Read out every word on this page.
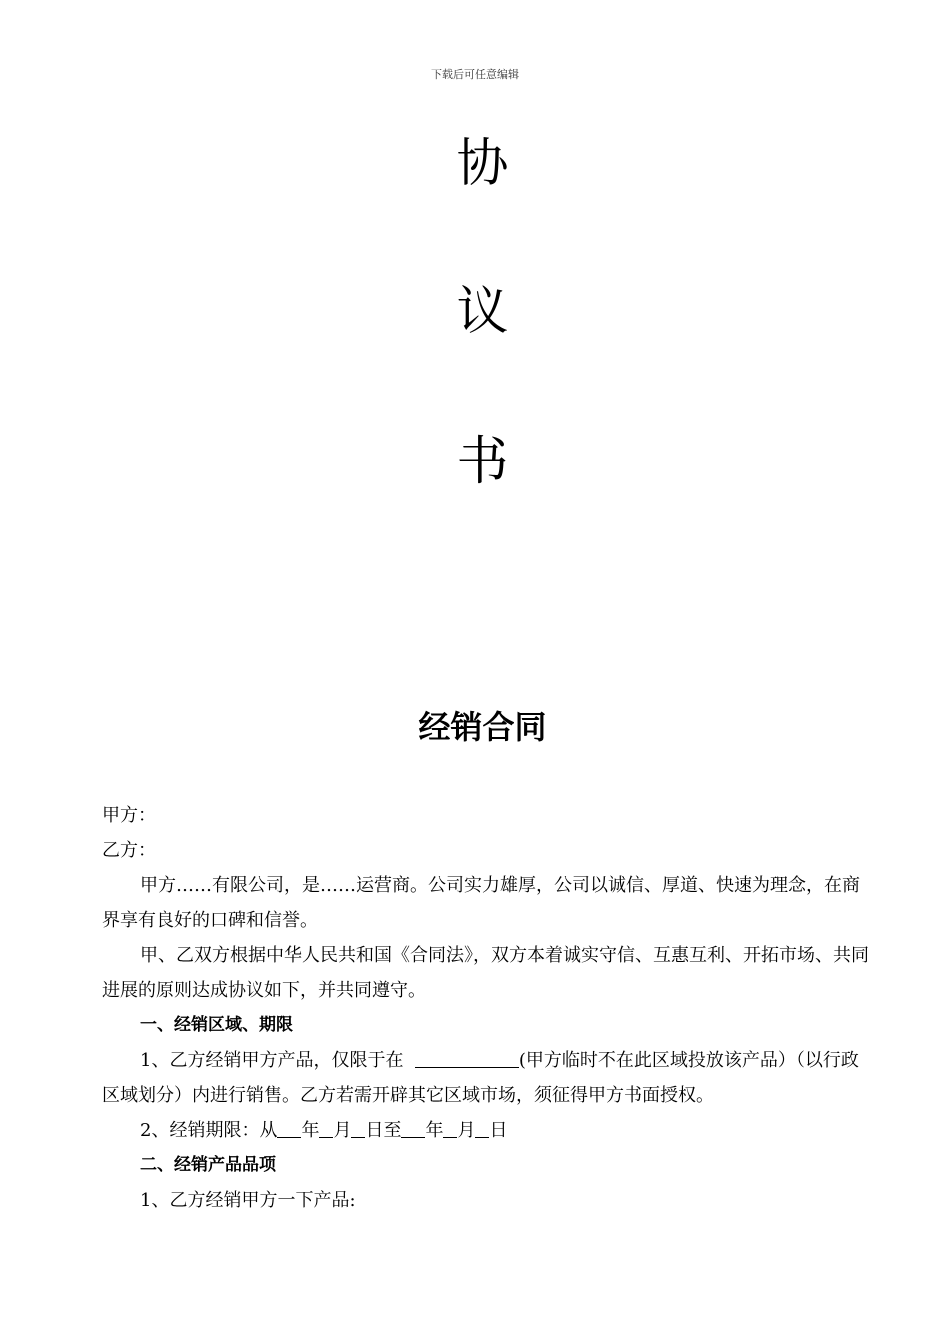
下载后可任意编辑
协
议
书
经销合同

甲方：

乙方：

甲方……有限公司，是……运营商。公司实力雄厚，公司以诚信、厚道、快速为理念，在商界享有良好的口碑和信誉。

甲、乙双方根据中华人民共和国《合同法》，双方本着诚实守信、互惠互利、开拓市场、共同进展的原则达成协议如下，并共同遵守。

一、经销区域、期限

1、乙方经销甲方产品，仅限于在	(甲方临时不在此区域投放该产品）（以行政区域划分）内进行销售。乙方若需开辟其它区域市场，须征得甲方书面授权。

2、经销期限：从 年 月 日至 年 月 日

二、经销产品品项

1、乙方经销甲方一下产品:
